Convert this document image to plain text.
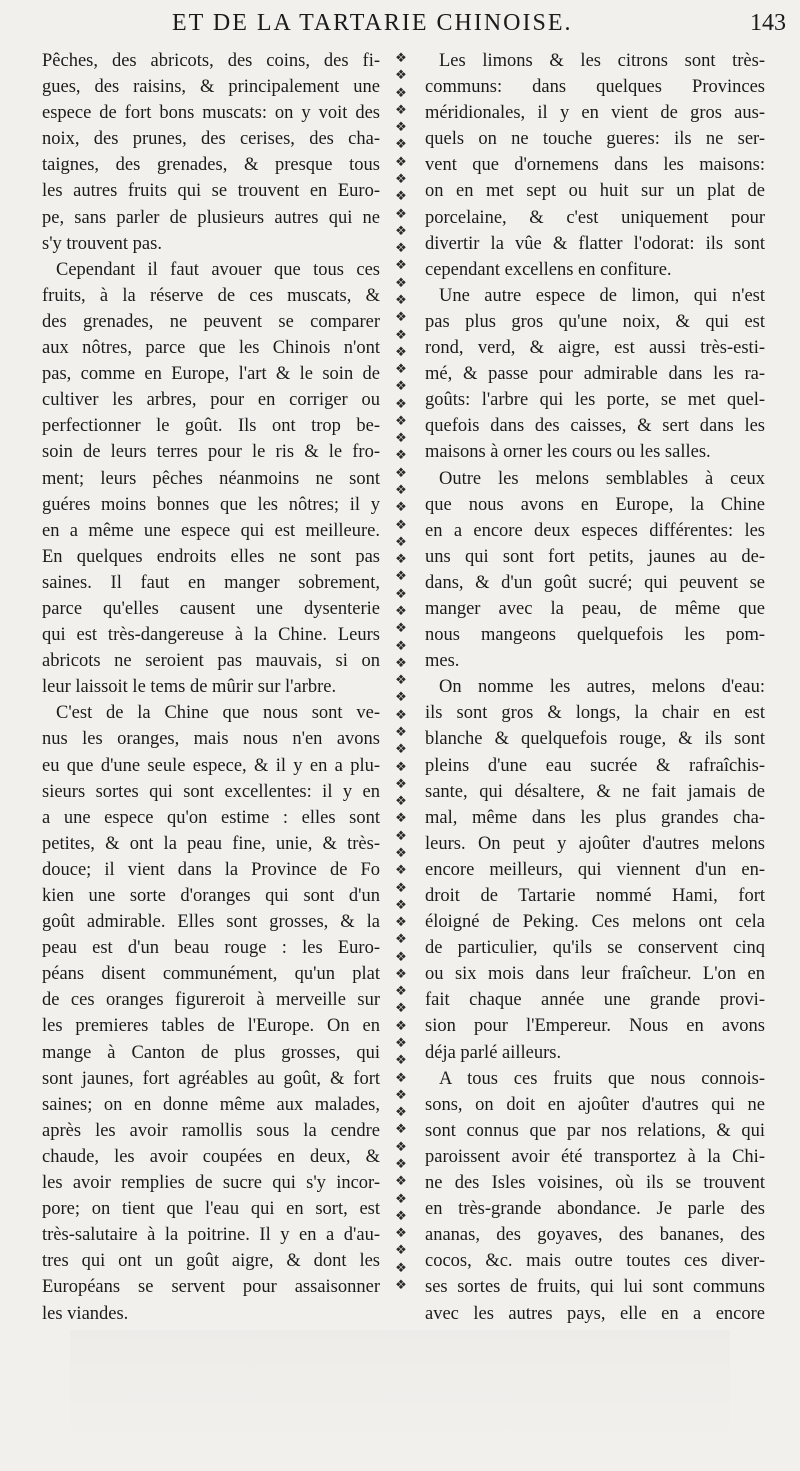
ET DE LA TARTARIE CHINOISE.	143
Pêches, des abricots, des coins, des fi-
gues, des raisins, & principalement une
espece de fort bons muscats: on y voit des
noix, des prunes, des cerises, des cha-
taignes, des grenades, & presque tous
les autres fruits qui se trouvent en Euro-
pe, sans parler de plusieurs autres qui ne
s'y trouvent pas.
Cependant il faut avouer que tous ces
fruits, à la réserve de ces muscats, &
des grenades, ne peuvent se comparer
aux nôtres, parce que les Chinois n'ont
pas, comme en Europe, l'art & le soin de
cultiver les arbres, pour en corriger ou
perfectionner le goût. Ils ont trop be-
soin de leurs terres pour le ris & le fro-
ment; leurs pêches néanmoins ne sont
guéres moins bonnes que les nôtres; il y
en a même une espece qui est meilleure.
En quelques endroits elles ne sont pas
saines. Il faut en manger sobrement,
parce qu'elles causent une dysenterie
qui est très-dangereuse à la Chine. Leurs
abricots ne seroient pas mauvais, si on
leur laissoit le tems de mûrir sur l'arbre.
C'est de la Chine que nous sont ve-
nus les oranges, mais nous n'en avons
eu que d'une seule espece, & il y en a plu-
sieurs sortes qui sont excellentes: il y en
a une espece qu'on estime : elles sont
petites, & ont la peau fine, unie, & très-
douce; il vient dans la Province de Fo
kien une sorte d'oranges qui sont d'un
goût admirable. Elles sont grosses, & la
peau est d'un beau rouge : les Euro-
péans disent communément, qu'un plat
de ces oranges figureroit à merveille sur
les premieres tables de l'Europe. On en
mange à Canton de plus grosses, qui
sont jaunes, fort agréables au goût, & fort
saines; on en donne même aux malades,
après les avoir ramollis sous la cendre
chaude, les avoir coupées en deux, &
les avoir remplies de sucre qui s'y incor-
pore; on tient que l'eau qui en sort, est
très-salutaire à la poitrine. Il y en a d'au-
tres qui ont un goût aigre, & dont les
Européans se servent pour assaisonner
les viandes.
❖
❖
❖
❖
❖
❖
❖
❖
❖
❖
❖
❖
❖
❖
❖
❖
❖
❖
❖
❖
❖
❖
❖
❖
❖
❖
❖
❖
❖
❖
❖
❖
❖
❖
❖
❖
❖
❖
❖
❖
❖
❖
❖
❖
❖
❖
❖
❖
❖
❖
❖
❖
❖
❖
❖
❖
❖
❖
❖
❖
❖
❖
❖
❖
❖
❖
❖
❖
❖
❖
❖
❖
Les limons & les citrons sont très-
communs: dans quelques Provinces
méridionales, il y en vient de gros aus-
quels on ne touche gueres: ils ne ser-
vent que d'ornemens dans les maisons:
on en met sept ou huit sur un plat de
porcelaine, & c'est uniquement pour
divertir la vûe & flatter l'odorat: ils sont
cependant excellens en confiture.
Une autre espece de limon, qui n'est
pas plus gros qu'une noix, & qui est
rond, verd, & aigre, est aussi très-esti-
mé, & passe pour admirable dans les ra-
goûts: l'arbre qui les porte, se met quel-
quefois dans des caisses, & sert dans les
maisons à orner les cours ou les salles.
Outre les melons semblables à ceux
que nous avons en Europe, la Chine
en a encore deux especes différentes: les
uns qui sont fort petits, jaunes au de-
dans, & d'un goût sucré; qui peuvent se
manger avec la peau, de même que
nous mangeons quelquefois les pom-
mes.
On nomme les autres, melons d'eau:
ils sont gros & longs, la chair en est
blanche & quelquefois rouge, & ils sont
pleins d'une eau sucrée & rafraîchis-
sante, qui désaltere, & ne fait jamais de
mal, même dans les plus grandes cha-
leurs. On peut y ajoûter d'autres melons
encore meilleurs, qui viennent d'un en-
droit de Tartarie nommé Hami, fort
éloigné de Peking. Ces melons ont cela
de particulier, qu'ils se conservent cinq
ou six mois dans leur fraîcheur. L'on en
fait chaque année une grande provi-
sion pour l'Empereur. Nous en avons
déja parlé ailleurs.
A tous ces fruits que nous connois-
sons, on doit en ajoûter d'autres qui ne
sont connus que par nos relations, & qui
paroissent avoir été transportez à la Chi-
ne des Isles voisines, où ils se trouvent
en très-grande abondance. Je parle des
ananas, des goyaves, des bananes, des
cocos, &c. mais outre toutes ces diver-
ses sortes de fruits, qui lui sont communs
avec les autres pays, elle en a encore
